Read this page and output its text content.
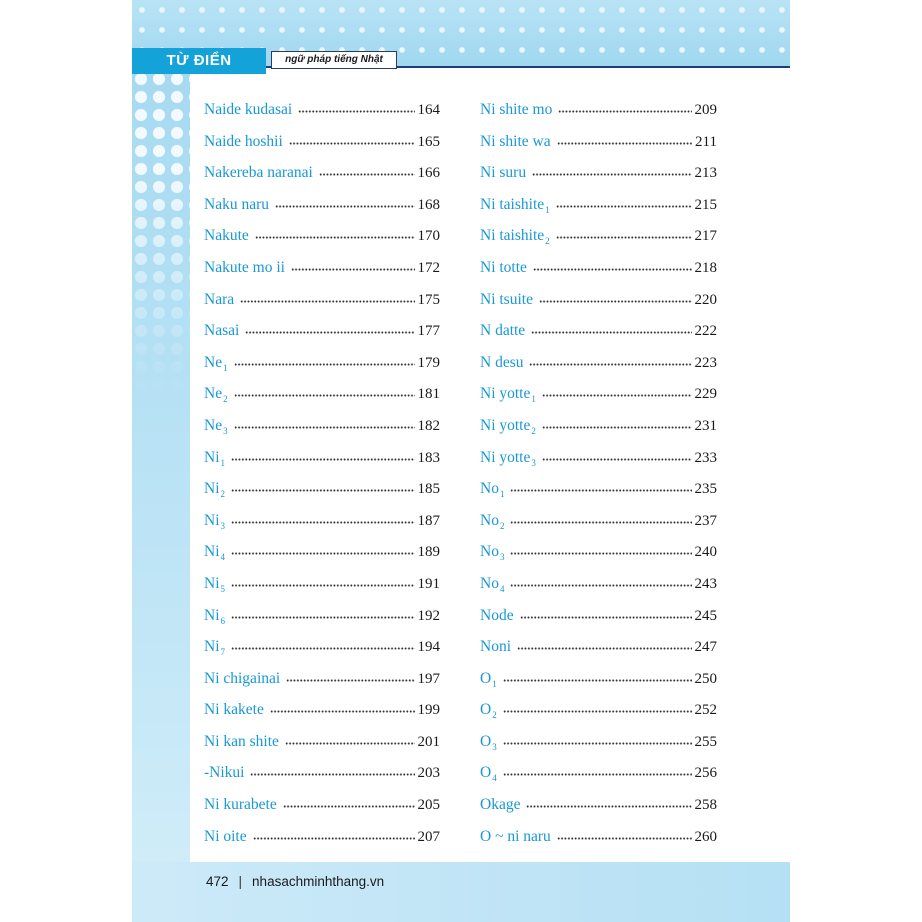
TỪ ĐIỂN	ngữ pháp tiếng Nhật
Naide kudasai	164
Naide hoshii	165
Nakereba naranai	166
Naku naru	168
Nakute	170
Nakute mo ii	172
Nara	175
Nasai	177
$Ne_1$	179
$Ne_2$	181
$Ne_3$	182
$Ni_1$	183
$Ni_2$	185
$Ni_3$	187
$Ni_4$	189
$Ni_5$	191
$Ni_6$	192
$Ni_7$	194
Ni chigainai	197
Ni kakete	199
Ni kan shite	201
-Nikui	203
Ni kurabete	205
Ni oite	207
Ni shite mo	209
Ni shite wa	211
Ni suru	213
Ni taishite$_1$	215
Ni taishite$_2$	217
Ni totte	218
Ni tsuite	220
N datte	222
N desu	223
Ni yotte$_1$	229
Ni yotte$_2$	231
Ni yotte$_3$	233
$No_1$	235
$No_2$	237
$No_3$	240
$No_4$	243
Node	245
Noni	247
$O_1$	250
$O_2$	252
$O_3$	255
$O_4$	256
Okage	258
O ~ ni naru	260
472 | nhasachminhthang.vn
